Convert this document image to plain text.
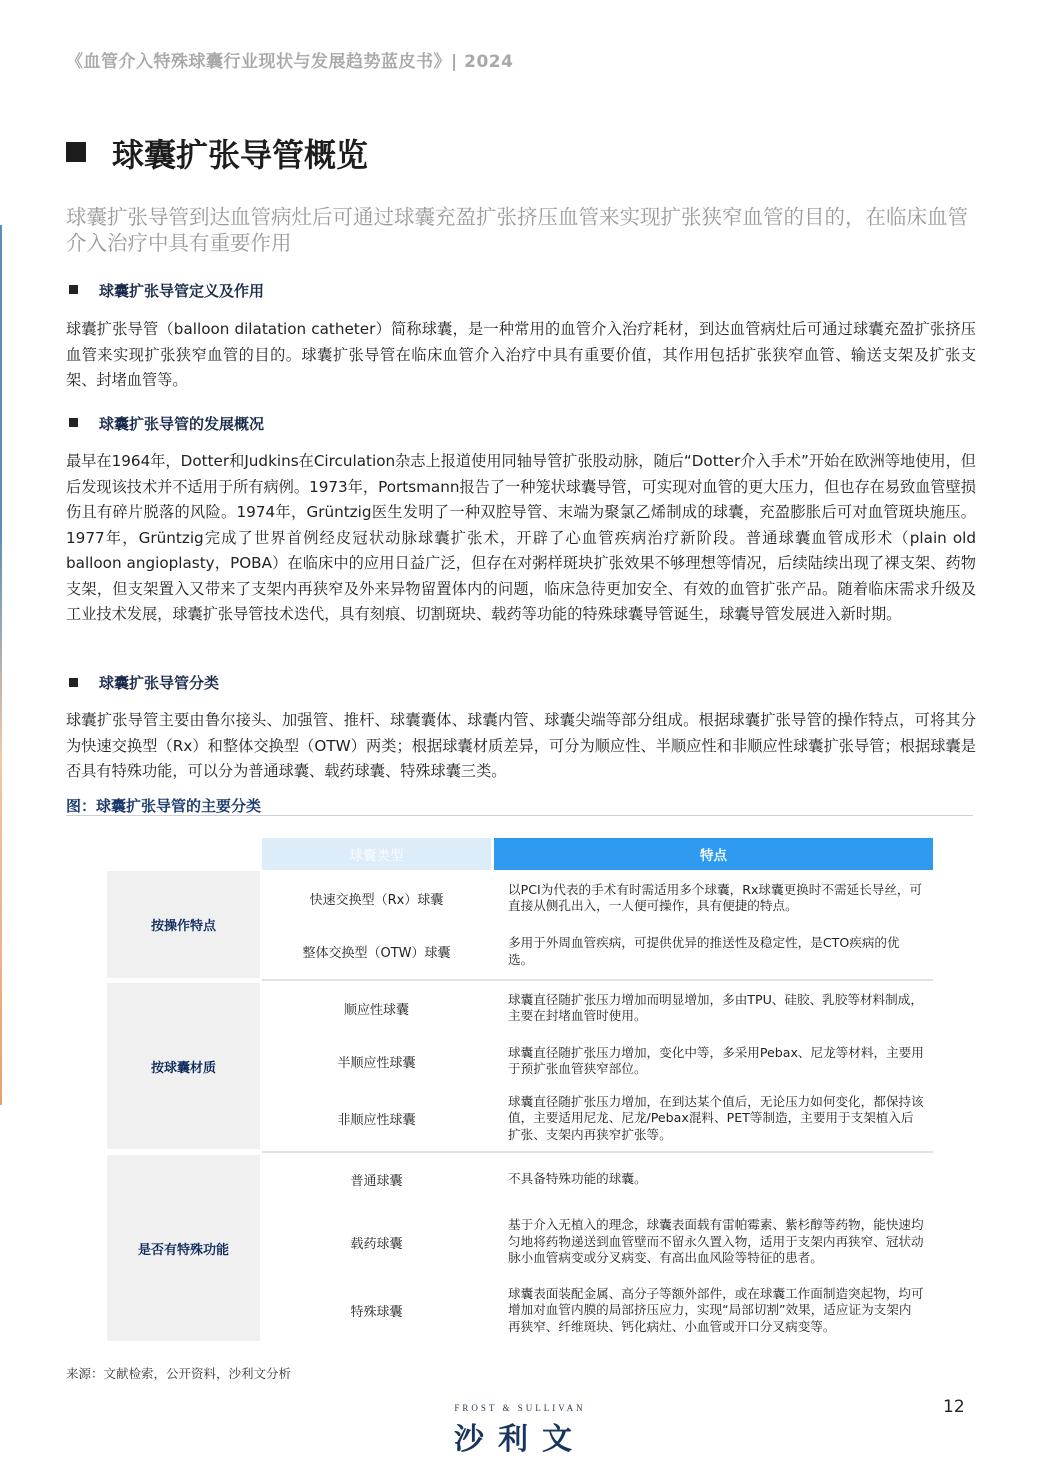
《血管介入特殊球囊行业现状与发展趋势蓝皮书》| 2024
球囊扩张导管概览
球囊扩张导管到达血管病灶后可通过球囊充盈扩张挤压血管来实现扩张狭窄血管的目的，在临床血管介入治疗中具有重要作用
球囊扩张导管定义及作用
球囊扩张导管（balloon dilatation catheter）简称球囊，是一种常用的血管介入治疗耗材，到达血管病灶后可通过球囊充盈扩张挤压血管来实现扩张狭窄血管的目的。球囊扩张导管在临床血管介入治疗中具有重要价值，其作用包括扩张狭窄血管、输送支架及扩张支架、封堵血管等。
球囊扩张导管的发展概况
最早在1964年，Dotter和Judkins在Circulation杂志上报道使用同轴导管扩张股动脉，随后“Dotter介入手术”开始在欧洲等地使用，但后发现该技术并不适用于所有病例。1973年，Portsmann报告了一种笼状球囊导管，可实现对血管的更大压力，但也存在易致血管壁损伤且有碎片脱落的风险。1974年，Grüntzig医生发明了一种双腔导管、末端为聚氯乙烯制成的球囊，充盈膨胀后可对血管斑块施压。1977年，Grüntzig完成了世界首例经皮冠状动脉球囊扩张术，开辟了心血管疾病治疗新阶段。普通球囊血管成形术（plain old balloon angioplasty，POBA）在临床中的应用日益广泛，但存在对粥样斑块扩张效果不够理想等情况，后续陆续出现了裸支架、药物支架，但支架置入又带来了支架内再狭窄及外来异物留置体内的问题，临床急待更加安全、有效的血管扩张产品。随着临床需求升级及工业技术发展，球囊扩张导管技术迭代，具有刻痕、切割斑块、载药等功能的特殊球囊导管诞生，球囊导管发展进入新时期。
球囊扩张导管分类
球囊扩张导管主要由鲁尔接头、加强管、推杆、球囊囊体、球囊内管、球囊尖端等部分组成。根据球囊扩张导管的操作特点，可将其分为快速交换型（Rx）和整体交换型（OTW）两类；根据球囊材质差异，可分为顺应性、半顺应性和非顺应性球囊扩张导管；根据球囊是否具有特殊功能，可以分为普通球囊、载药球囊、特殊球囊三类。
图：球囊扩张导管的主要分类
球囊类型	特点
按操作特点
快速交换型（Rx）球囊
以PCI为代表的手术有时需适用多个球囊，Rx球囊更换时不需延长导丝，可直接从侧孔出入，一人便可操作，具有便捷的特点。
整体交换型（OTW）球囊
多用于外周血管疾病，可提供优异的推送性及稳定性，是CTO疾病的优选。
按球囊材质
顺应性球囊
球囊直径随扩张压力增加而明显增加，多由TPU、硅胶、乳胶等材料制成，主要在封堵血管时使用。
半顺应性球囊
球囊直径随扩张压力增加，变化中等，多采用Pebax、尼龙等材料，主要用于预扩张血管狭窄部位。
非顺应性球囊
球囊直径随扩张压力增加，在到达某个值后，无论压力如何变化，都保持该值，主要适用尼龙、尼龙/Pebax混料、PET等制造，主要用于支架植入后扩张、支架内再狭窄扩张等。
是否有特殊功能
普通球囊	不具备特殊功能的球囊。
载药球囊
基于介入无植入的理念，球囊表面载有雷帕霉素、紫杉醇等药物，能快速均匀地将药物递送到血管壁而不留永久置入物，适用于支架内再狭窄、冠状动脉小血管病变或分叉病变、有高出血风险等特征的患者。
特殊球囊
球囊表面装配金属、高分子等额外部件，或在球囊工作面制造突起物，均可增加对血管内膜的局部挤压应力，实现“局部切割”效果，适应证为支架内再狭窄、纤维斑块、钙化病灶、小血管或开口分叉病变等。
来源：文献检索，公开资料，沙利文分析
12
FROST & SULLIVAN
沙利文
